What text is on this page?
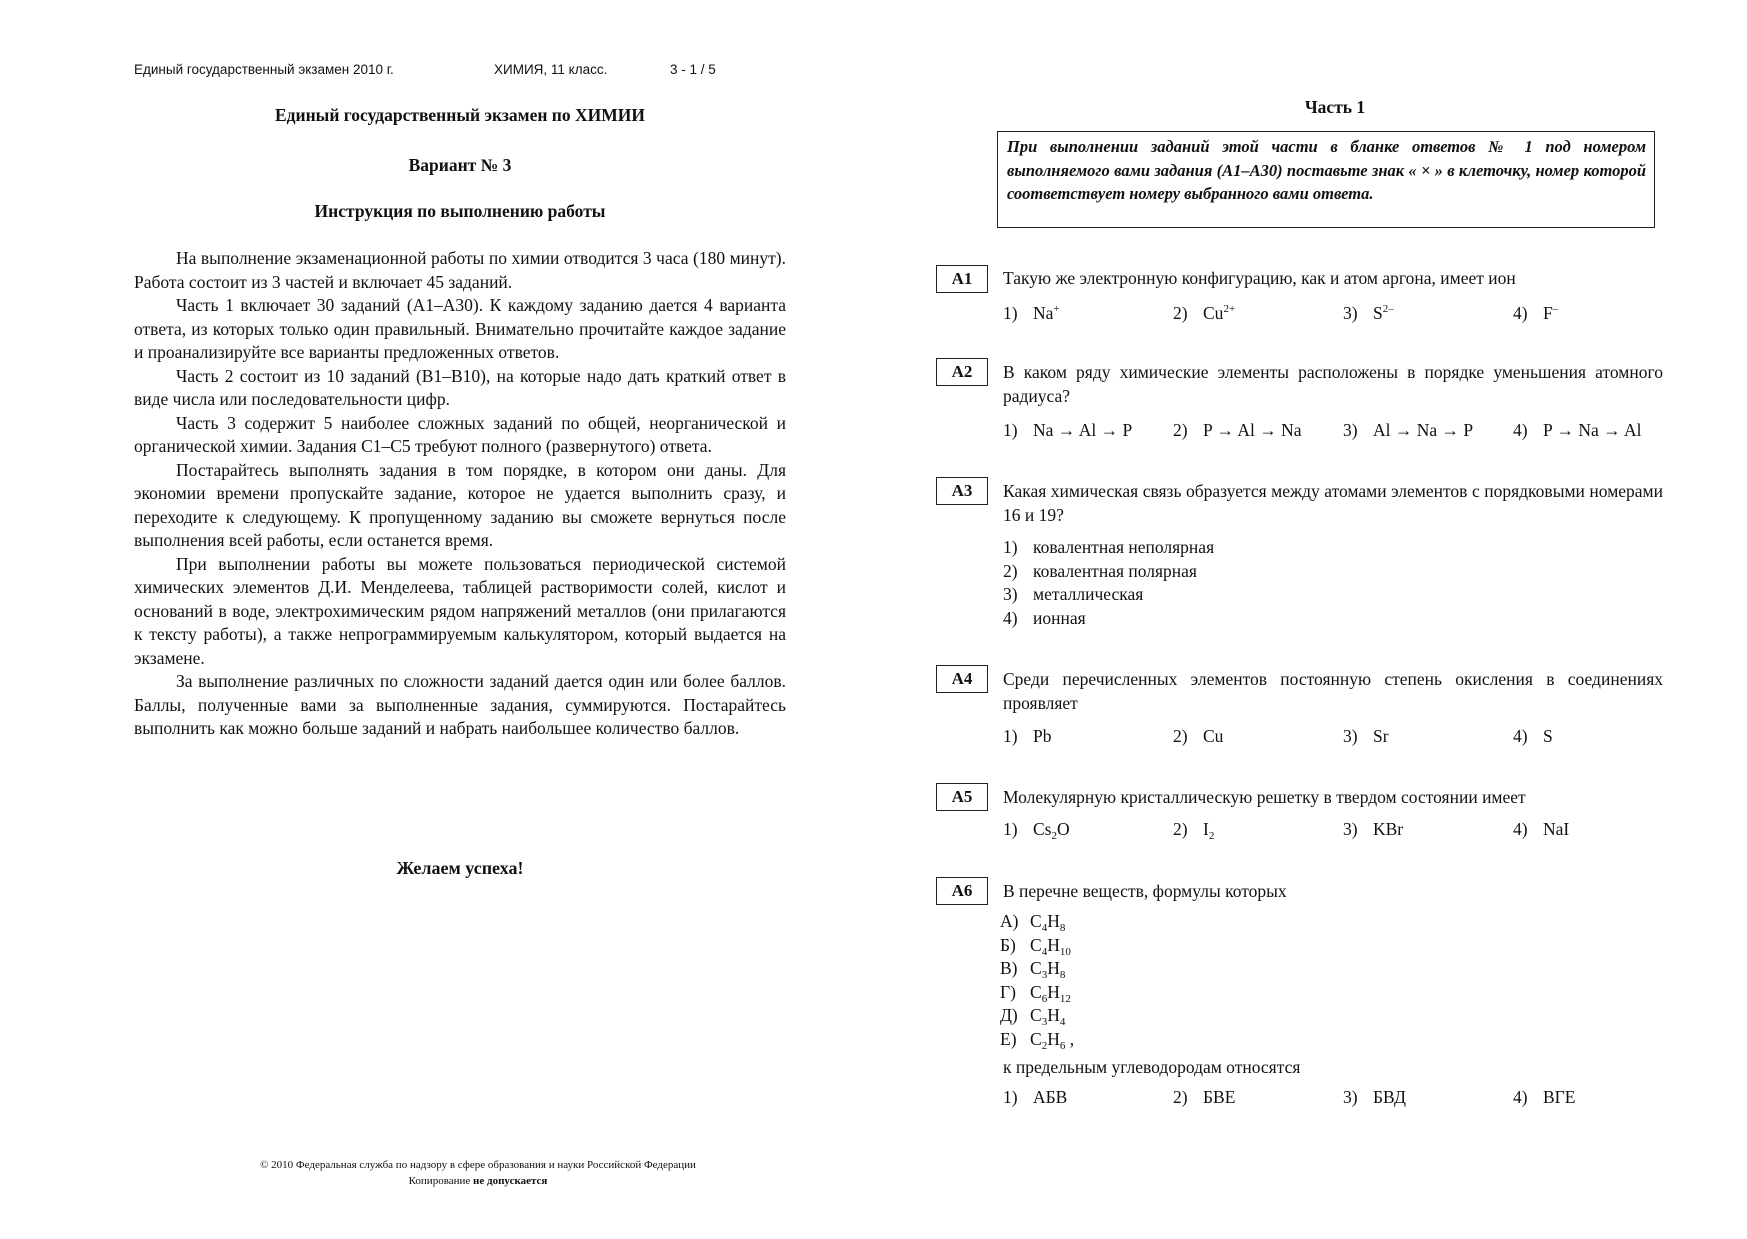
Единый государственный экзамен 2010 г.	ХИМИЯ, 11 класс.	3 - 1 / 5
Единый государственный экзамен по ХИМИИ
Вариант № 3
Инструкция по выполнению работы

На выполнение экзаменационной работы по химии отводится 3 часа (180 минут). Работа состоит из 3 частей и включает 45 заданий.

Часть 1 включает 30 заданий (А1–А30). К каждому заданию дается 4 варианта ответа, из которых только один правильный. Внимательно прочитайте каждое задание и проанализируйте все варианты предложенных ответов.

Часть 2 состоит из 10 заданий (В1–В10), на которые надо дать краткий ответ в виде числа или последовательности цифр.

Часть 3 содержит 5 наиболее сложных заданий по общей, неорганической и органической химии. Задания С1–С5 требуют полного (развернутого) ответа.

Постарайтесь выполнять задания в том порядке, в котором они даны. Для экономии времени пропускайте задание, которое не удается выполнить сразу, и переходите к следующему. К пропущенному заданию вы сможете вернуться после выполнения всей работы, если останется время.

При выполнении работы вы можете пользоваться периодической системой химических элементов Д.И. Менделеева, таблицей растворимости солей, кислот и оснований в воде, электрохимическим рядом напряжений металлов (они прилагаются к тексту работы), а также непрограммируемым калькулятором, который выдается на экзамене.

За выполнение различных по сложности заданий дается один или более баллов. Баллы, полученные вами за выполненные задания, суммируются. Постарайтесь выполнить как можно больше заданий и набрать наибольшее количество баллов.

Желаем успеха!
© 2010 Федеральная служба по надзору в сфере образования и науки Российской Федерации
Копирование не допускается
Часть 1
При выполнении заданий этой части в бланке ответов № 1 под номером выполняемого вами задания (А1–А30) поставьте знак « × » в клеточку, номер которой соответствует номеру выбранного вами ответа.
А1	Такую же электронную конфигурацию, как и атом аргона, имеет ион
1) Na+	2) $Cu^{2+}$	3) $S^{2-}$	4) F–
А2	В каком ряду химические элементы расположены в порядке уменьшения атомного радиуса?
1) Na → Al → P	2) P → Al → Na	3) Al → Na → P	4) P → Na → Al
А3	Какая химическая связь образуется между атомами элементов с порядковыми номерами 16 и 19?
1) ковалентная неполярная
2) ковалентная полярная
3) металлическая
4) ионная
А4	Среди перечисленных элементов постоянную степень окисления в соединениях проявляет
1) Pb	2) Cu	3) Sr	4) S
А5	Молекулярную кристаллическую решетку в твердом состоянии имеет
1) $Cs_2O$	2) $I_2$	3) KBr	4) NaI
А6	В перечне веществ, формулы которых
А) $C_4H_8$
Б) $C_4H_{10}$
В) $C_3H_8$
Г) $C_6H_{12}$
Д) $C_3H_4$
Е) $C_2H_6$ ,
к предельным углеводородам относятся
1) АБВ	2) БВЕ	3) БВД	4) ВГЕ
